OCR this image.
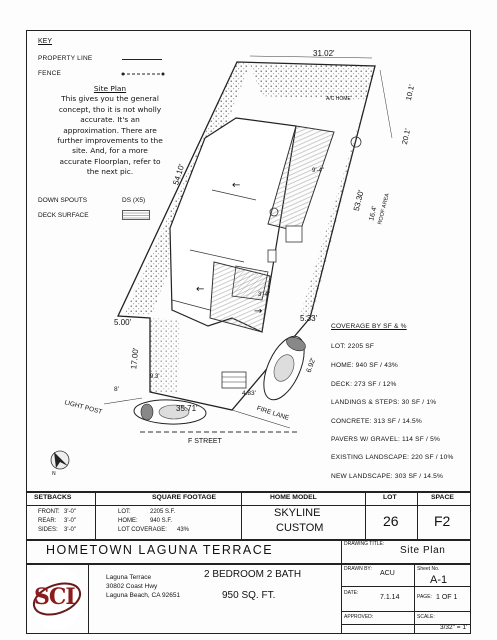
KEY
PROPERTY LINE
FENCE
Site Plan
This gives you the general
concept, tho it is not wholly
accurate. It's an
approximation. There are
further improvements to the
site. And, for a more
accurate Floorplan, refer to
the next pic.
DOWN SPOUTS	DS (X5)
DECK SURFACE
←
←
→
N
31.02'
54.10'
53.30'
10.1'
20.1'
5.00'
17.00'
5.33'
6.92'
9.3'
4.83'
8'
35.71'
9'-4"
16.4'
ROOF AREA
3'-4"
A/C HOME
LIGHT POST	FIRE LANE
F STREET
COVERAGE BY SF & %
LOT: 2205 SF
HOME: 940 SF / 43%
DECK: 273 SF / 12%
LANDINGS & STEPS: 30 SF / 1%
CONCRETE: 313 SF / 14.5%
PAVERS W/ GRAVEL: 114 SF / 5%
EXISTING LANDSCAPE: 220 SF / 10%
NEW LANDSCAPE: 303 SF / 14.5%
SETBACKS	SQUARE FOOTAGE	HOME MODEL	LOT	SPACE
FRONT: 3'-0"
REAR: 3'-0"
SIDES: 3'-0"
LOT:	2205 S.F.
HOME: 940 S.F.
LOT COVERAGE: 43%
SKYLINE
CUSTOM	26	F2
HOMETOWN LAGUNA TERRACE	DRAWING TITLE:
Site Plan
SCI
Laguna Terrace
30802 Coast Hwy
Laguna Beach, CA 92651
2 BEDROOM 2 BATH
950 SQ. FT.
DRAWN BY:
ACU
Sheet No.
A-1
DATE:
7.1.14	PAGE: 1 OF 1
APPROVED:	SCALE:
3/32" = 1'
